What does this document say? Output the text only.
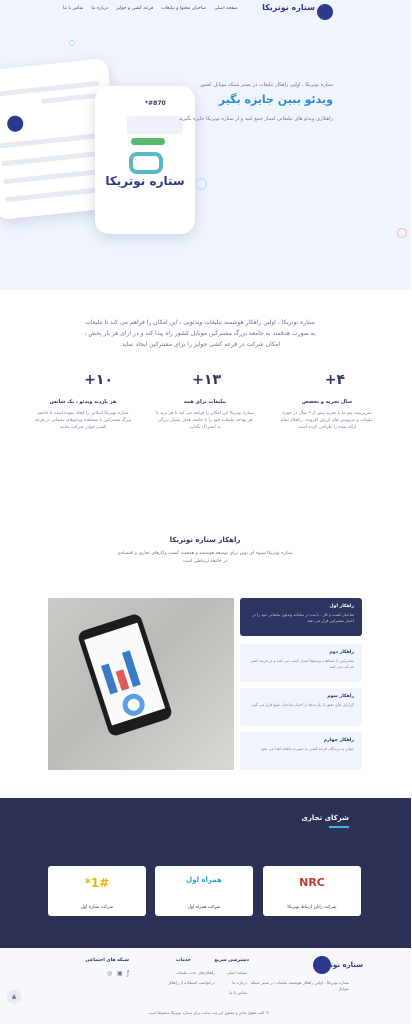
ستاره نوتریکا
صفحه اصلی
صاحبان محتوا و تبلیغات
قرعه کشی و جوایز
درباره ما
تماس با ما
#870*
ستاره نوتریکا
ستاره نوتریکا ، اولین راهکار تبلیغات در بستر شبکه موبایل کشور
ویدئو ببین جایزه بگیر
راهکاری ویدئو های تبلیغاتی امتیاز جمع کنید و از ستاره نوتریکا جایزه بگیرید
ستاره نوتریکا ، اولین راهکار هوشمند تبلیغات ویدئویی ، این امکان را فراهم می کند تا تبلیغات به صورت هدفمند به جامعه بزرگ مشترکین موبایل کشور راه پیدا کند و در ازای هر بار پخش ، امکان شرکت در قرعه کشی جوایز را برای مشترکین ایجاد نماید.
+۴
سال تجربه و تخصص
سرپرست تیم ما با تجربه بیش از ۴ سال در حوزه تبلیغات و سرویس های ارزش افزوده ، راهکار تمام ارائه شده را طراحی کرده است
+۱۳
تبلیغات برای همه
ستاره نوتریکا این امکان را فراهم می کند تا هر برند با هر بودجه تبلیغات خود را با جامعه هدف بسیار بزرگی به اشتراک بگذارد
+۱۰
هر بازدید ویدئو ، یک شانس
ستاره نوتریکا امکانی را ایجاد نموده است تا جامعه بزرگ مشترکین با مشاهده ویدئوهای تبلیغاتی در قرعه کشی جوایز شرکت نمایند
راهکار ستاره نوتریکا
ستاره نوتریکا شیوه ای نوین برای توسعه هوشمند و هدفمند کسب وکارهای تجاری و اقتصادی در جامعه ارتباطی است
راهکار اول
صاحبان کسب و کار ، با ثبت در سامانه ویدئوی تبلیغاتی خود را در اختیار مشترکین قرار می دهند
راهکار دوم
مشترکین با مشاهده ویدئوها امتیاز کسب می کنند و در قرعه کشی شرکت می کنند
راهکار سوم
گزارش های دقیق از بازدیدها در اختیار صاحبان تبلیغ قرار می گیرد
راهکار چهارم
جوایز به برندگان قرعه کشی به صورت ماهانه اهدا می شود
شرکای تجاری
NRC
شرکت رایان ارتباط نوتریکا
همراه اول
شرکت همراه اول
*1#
شرکت ستاره اول
ستاره نوتریکا
ستاره نوتریکا ، اولین راهکار هوشمند تبلیغات در بستر شبکه موبایل
دسترسی سریع
صفحه اصلی
درباره ما
تماس با ما
خدمات
راهکارهای جذب تبلیغات
درخواست استفاده از راهکار
شبکه های اجتماعی
◎ ▣ ƒ
© کلیه حقوق مادی و معنوی این وب سایت برای ستاره نوتریکا محفوظ است
▲
